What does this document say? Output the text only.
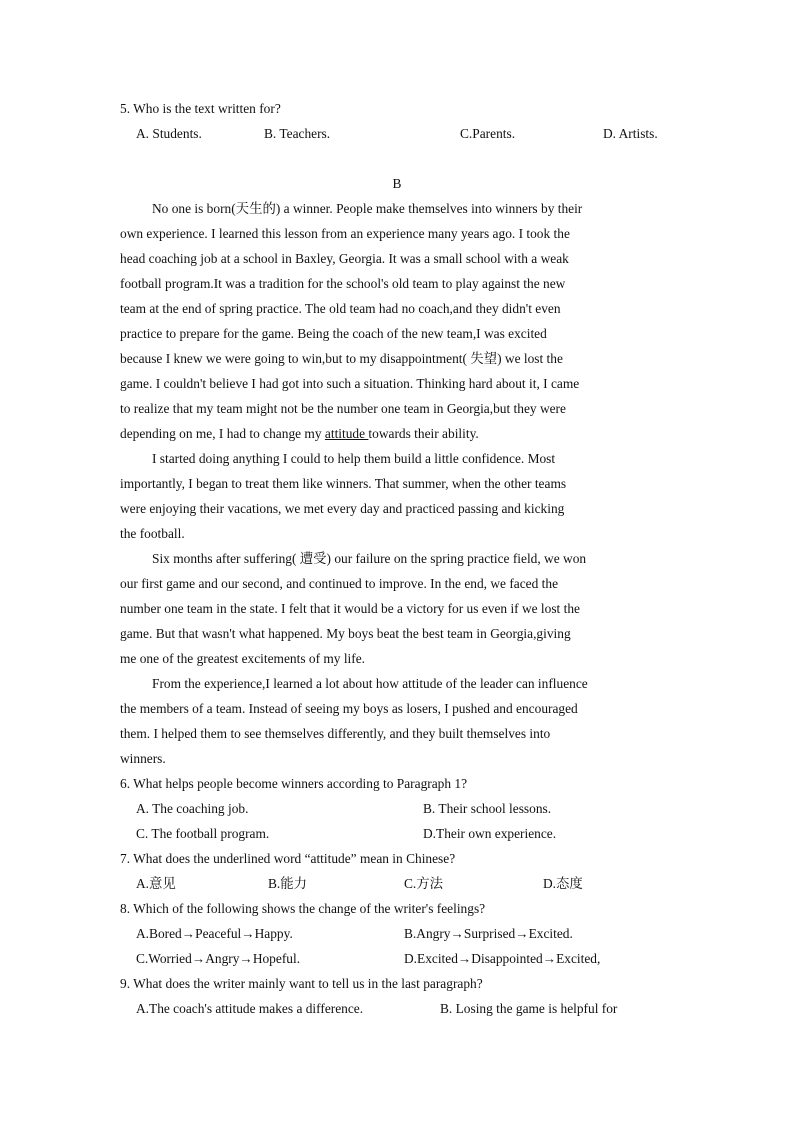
5. Who is the text written for?
A. Students.	B. Teachers.	C.Parents.	D. Artists.
B
No one is born(天生的) a winner. People make themselves into winners by their
own experience. I learned this lesson from an experience many years ago. I took the
head coaching job at a school in Baxley, Georgia. It was a small school with a weak
football program.It was a tradition for the school's old team to play against the new
team at the end of spring practice. The old team had no coach,and they didn't even
practice to prepare for the game. Being the coach of the new team,I was excited
because I knew we were going to win,but to my disappointment( 失望) we lost the
game. I couldn't believe I had got into such a situation. Thinking hard about it, I came
to realize that my team might not be the number one team in Georgia,but they were
depending on me, I had to change my attitude towards their ability.
I started doing anything I could to help them build a little confidence. Most
importantly, I began to treat them like winners. That summer, when the other teams
were enjoying their vacations, we met every day and practiced passing and kicking
the football.
Six months after suffering( 遭受) our failure on the spring practice field, we won
our first game and our second, and continued to improve. In the end, we faced the
number one team in the state. I felt that it would be a victory for us even if we lost the
game. But that wasn't what happened. My boys beat the best team in Georgia,giving
me one of the greatest excitements of my life.
From the experience,I learned a lot about how attitude of the leader can influence
the members of a team. Instead of seeing my boys as losers, I pushed and encouraged
them. I helped them to see themselves differently, and they built themselves into
winners.
6. What helps people become winners according to Paragraph 1?
A. The coaching job.	B. Their school lessons.
C. The football program.	D.Their own experience.
7. What does the underlined word “attitude” mean in Chinese?
A.意见	B.能力	C.方法	D.态度
8. Which of the following shows the change of the writer's feelings?
A.Bored→Peaceful→Happy.	B.Angry→Surprised→Excited.
C.Worried→Angry→Hopeful.	D.Excited→Disappointed→Excited,
9. What does the writer mainly want to tell us in the last paragraph?
A.The coach's attitude makes a difference.	B. Losing the game is helpful for
